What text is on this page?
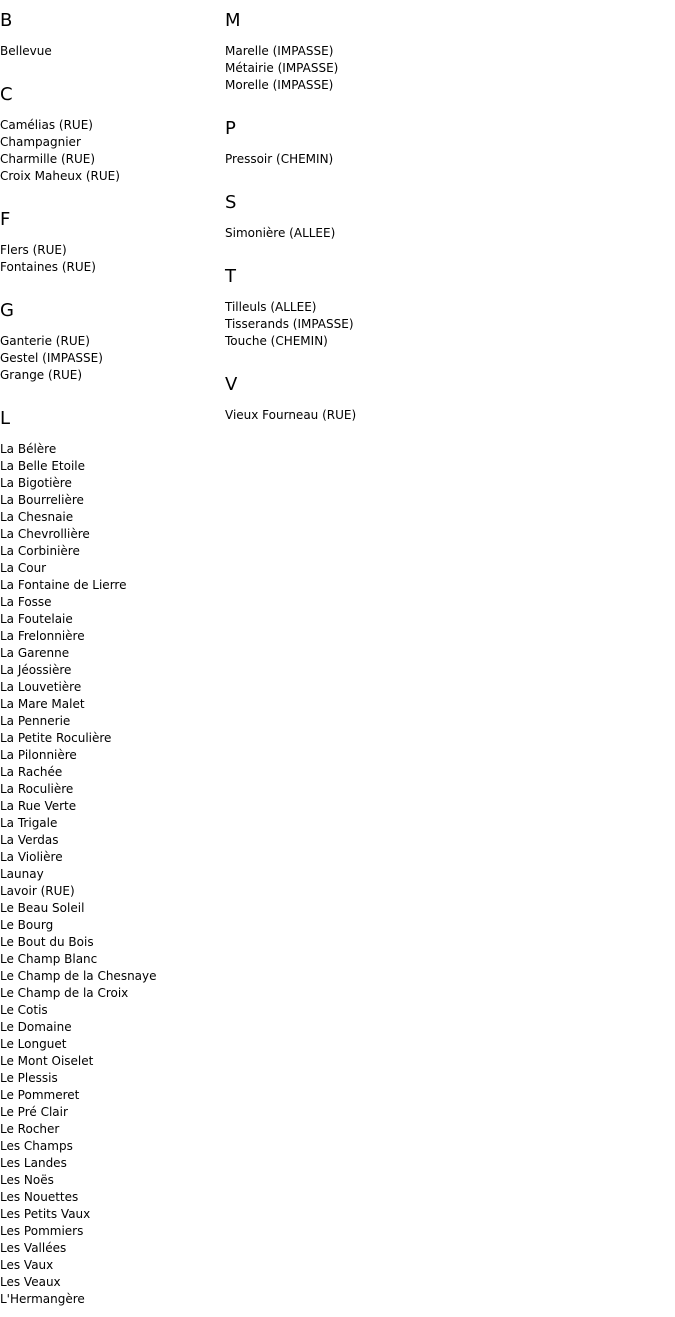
B
Bellevue
C
Camélias (RUE)
Champagnier
Charmille (RUE)
Croix Maheux (RUE)
F
Flers (RUE)
Fontaines (RUE)
G
Ganterie (RUE)
Gestel (IMPASSE)
Grange (RUE)
L
La Bélère
La Belle Etoile
La Bigotière
La Bourrelière
La Chesnaie
La Chevrollière
La Corbinière
La Cour
La Fontaine de Lierre
La Fosse
La Foutelaie
La Frelonnière
La Garenne
La Jéossière
La Louvetière
La Mare Malet
La Pennerie
La Petite Roculière
La Pilonnière
La Rachée
La Roculière
La Rue Verte
La Trigale
La Verdas
La Violière
Launay
Lavoir (RUE)
Le Beau Soleil
Le Bourg
Le Bout du Bois
Le Champ Blanc
Le Champ de la Chesnaye
Le Champ de la Croix
Le Cotis
Le Domaine
Le Longuet
Le Mont Oiselet
Le Plessis
Le Pommeret
Le Pré Clair
Le Rocher
Les Champs
Les Landes
Les Noës
Les Nouettes
Les Petits Vaux
Les Pommiers
Les Vallées
Les Vaux
Les Veaux
L'Hermangère
M
Marelle (IMPASSE)
Métairie (IMPASSE)
Morelle (IMPASSE)
P
Pressoir (CHEMIN)
S
Simonière (ALLEE)
T
Tilleuls (ALLEE)
Tisserands (IMPASSE)
Touche (CHEMIN)
V
Vieux Fourneau (RUE)
